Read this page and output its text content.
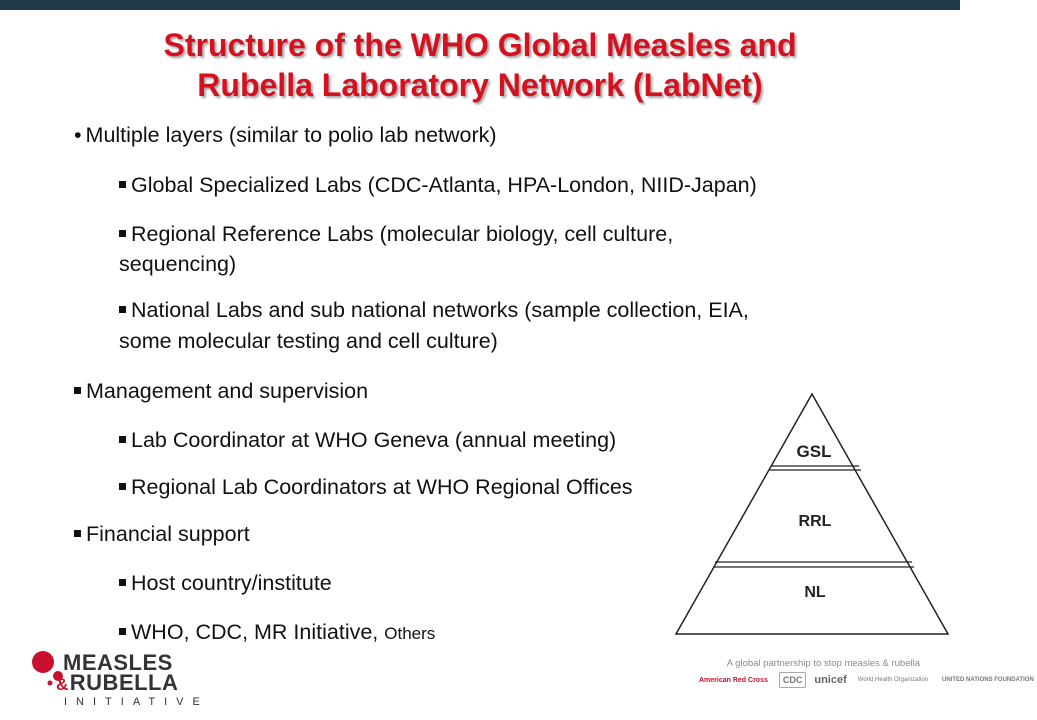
Structure of the WHO Global Measles and
Rubella Laboratory Network (LabNet)
• Multiple layers (similar to polio lab network)
Global Specialized Labs (CDC-Atlanta, HPA-London, NIID-Japan)
Regional Reference Labs (molecular biology, cell culture,
sequencing)
National Labs and sub national networks (sample collection, EIA,
some molecular testing and cell culture)
Management and supervision
Lab Coordinator at WHO Geneva (annual meeting)
Regional Lab Coordinators at WHO Regional Offices
Financial support
Host country/institute
WHO, CDC, MR Initiative, Others
GSL
RRL
NL
MEASLES
&RUBELLA
INITIATIVE
A global partnership to stop measles & rubella
American Red Cross	CDC	unicef	World Health Organization	UNITED NATIONS FOUNDATION
